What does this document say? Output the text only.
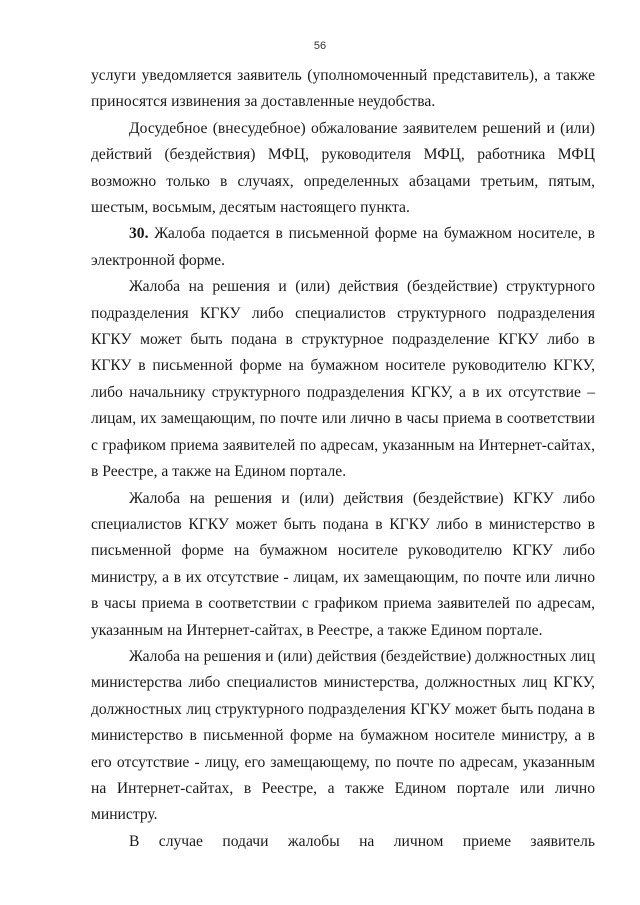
56

услуги уведомляется заявитель (уполномоченный представитель), а также приносятся извинения за доставленные неудобства.

Досудебное (внесудебное) обжалование заявителем решений и (или) действий (бездействия) МФЦ, руководителя МФЦ, работника МФЦ возможно только в случаях, определенных абзацами третьим, пятым, шестым, восьмым, десятым настоящего пункта.

30. Жалоба подается в письменной форме на бумажном носителе, в электронной форме.

Жалоба на решения и (или) действия (бездействие) структурного подразделения КГКУ либо специалистов структурного подразделения КГКУ может быть подана в структурное подразделение КГКУ либо в КГКУ в письменной форме на бумажном носителе руководителю КГКУ, либо начальнику структурного подразделения КГКУ, а в их отсутствие – лицам, их замещающим, по почте или лично в часы приема в соответствии с графиком приема заявителей по адресам, указанным на Интернет-сайтах, в Реестре, а также на Едином портале.

Жалоба на решения и (или) действия (бездействие) КГКУ либо специалистов КГКУ может быть подана в КГКУ либо в министерство в письменной форме на бумажном носителе руководителю КГКУ либо министру, а в их отсутствие - лицам, их замещающим, по почте или лично в часы приема в соответствии с графиком приема заявителей по адресам, указанным на Интернет-сайтах, в Реестре, а также Едином портале.

Жалоба на решения и (или) действия (бездействие) должностных лиц министерства либо специалистов министерства, должностных лиц КГКУ, должностных лиц структурного подразделения КГКУ может быть подана в министерство в письменной форме на бумажном носителе министру, а в его отсутствие - лицу, его замещающему, по почте по адресам, указанным на Интернет-сайтах, в Реестре, а также Едином портале или лично министру.

В случае подачи жалобы на личном приеме заявитель
